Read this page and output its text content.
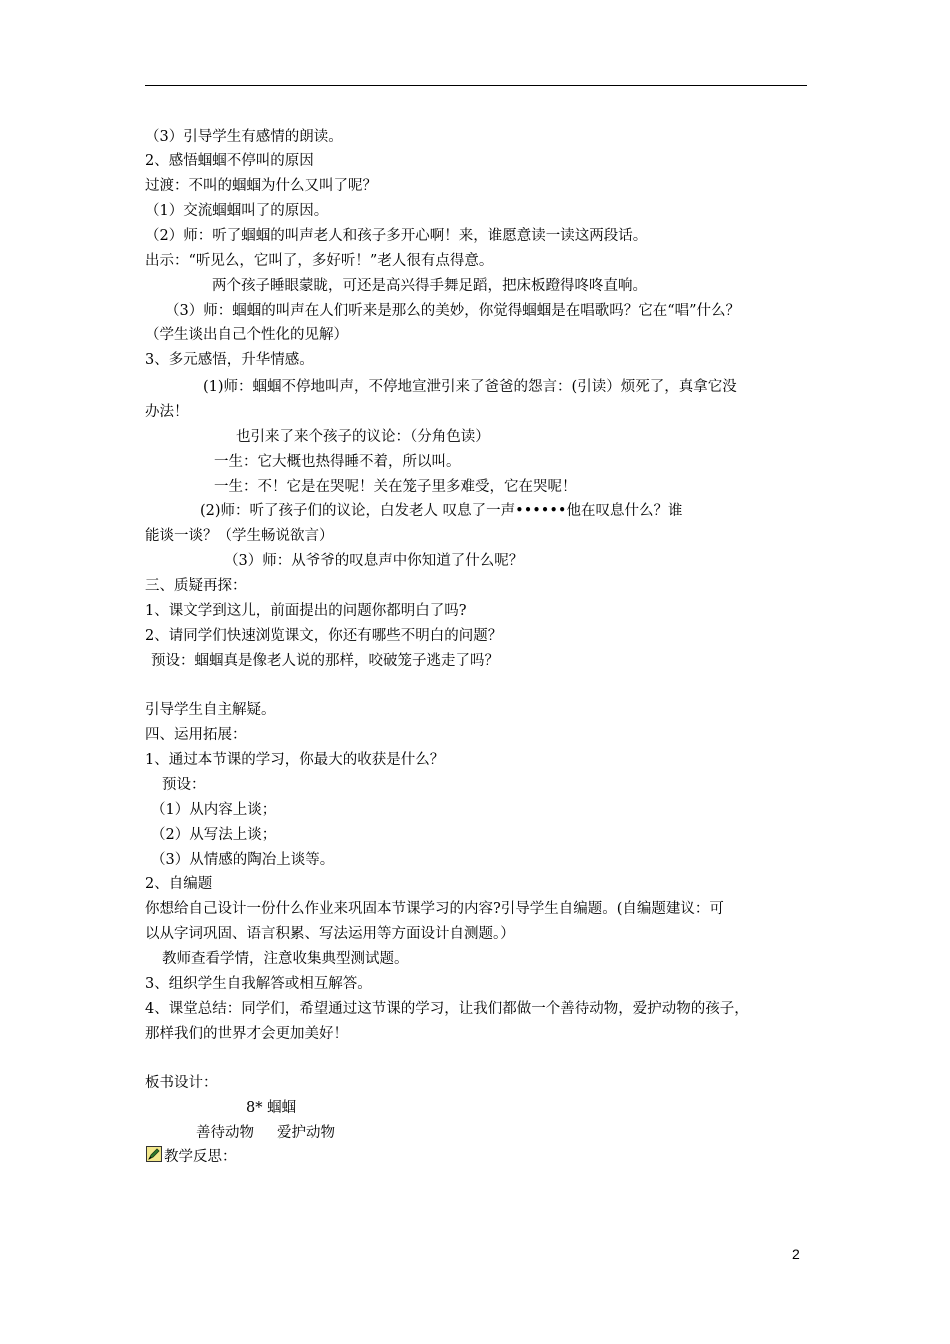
（3）引导学生有感情的朗读。
2、感悟蝈蝈不停叫的原因
过渡：不叫的蝈蝈为什么又叫了呢？
（1）交流蝈蝈叫了的原因。
（2）师：听了蝈蝈的叫声老人和孩子多开心啊！来，谁愿意读一读这两段话。
出示：“听见么，它叫了，多好听！”老人很有点得意。
两个孩子睡眼蒙眬，可还是高兴得手舞足蹈，把床板蹬得咚咚直响。
（3）师：蝈蝈的叫声在人们听来是那么的美妙，你觉得蝈蝈是在唱歌吗？它在“唱”什么？
（学生谈出自己个性化的见解）
3、多元感悟，升华情感。
(1)师：蝈蝈不停地叫声，不停地宣泄引来了爸爸的怨言：(引读）烦死了，真拿它没
办法！
也引来了来个孩子的议论：（分角色读）
一生：它大概也热得睡不着，所以叫。
一生：不！它是在哭呢！关在笼子里多难受，它在哭呢！
(2)师：听了孩子们的议论，白发老人 叹息了一声••••••他在叹息什么？谁
能谈一谈？（学生畅说欲言）
（3）师：从爷爷的叹息声中你知道了什么呢？
三、质疑再探：
1、课文学到这儿，前面提出的问题你都明白了吗?
2、请同学们快速浏览课文，你还有哪些不明白的问题？
预设：蝈蝈真是像老人说的那样，咬破笼子逃走了吗？
引导学生自主解疑。
四、运用拓展：
1、通过本节课的学习，你最大的收获是什么？
预设：
（1）从内容上谈；
（2）从写法上谈；
（3）从情感的陶冶上谈等。
2、自编题
你想给自己设计一份什么作业来巩固本节课学习的内容?引导学生自编题。(自编题建议：可
以从字词巩固、语言积累、写法运用等方面设计自测题。）
教师查看学情，注意收集典型测试题。
3、组织学生自我解答或相互解答。
4、课堂总结：同学们，希望通过这节课的学习，让我们都做一个善待动物，爱护动物的孩子，
那样我们的世界才会更加美好！
板书设计：
8* 蝈蝈
善待动物     爱护动物
教学反思：
2
